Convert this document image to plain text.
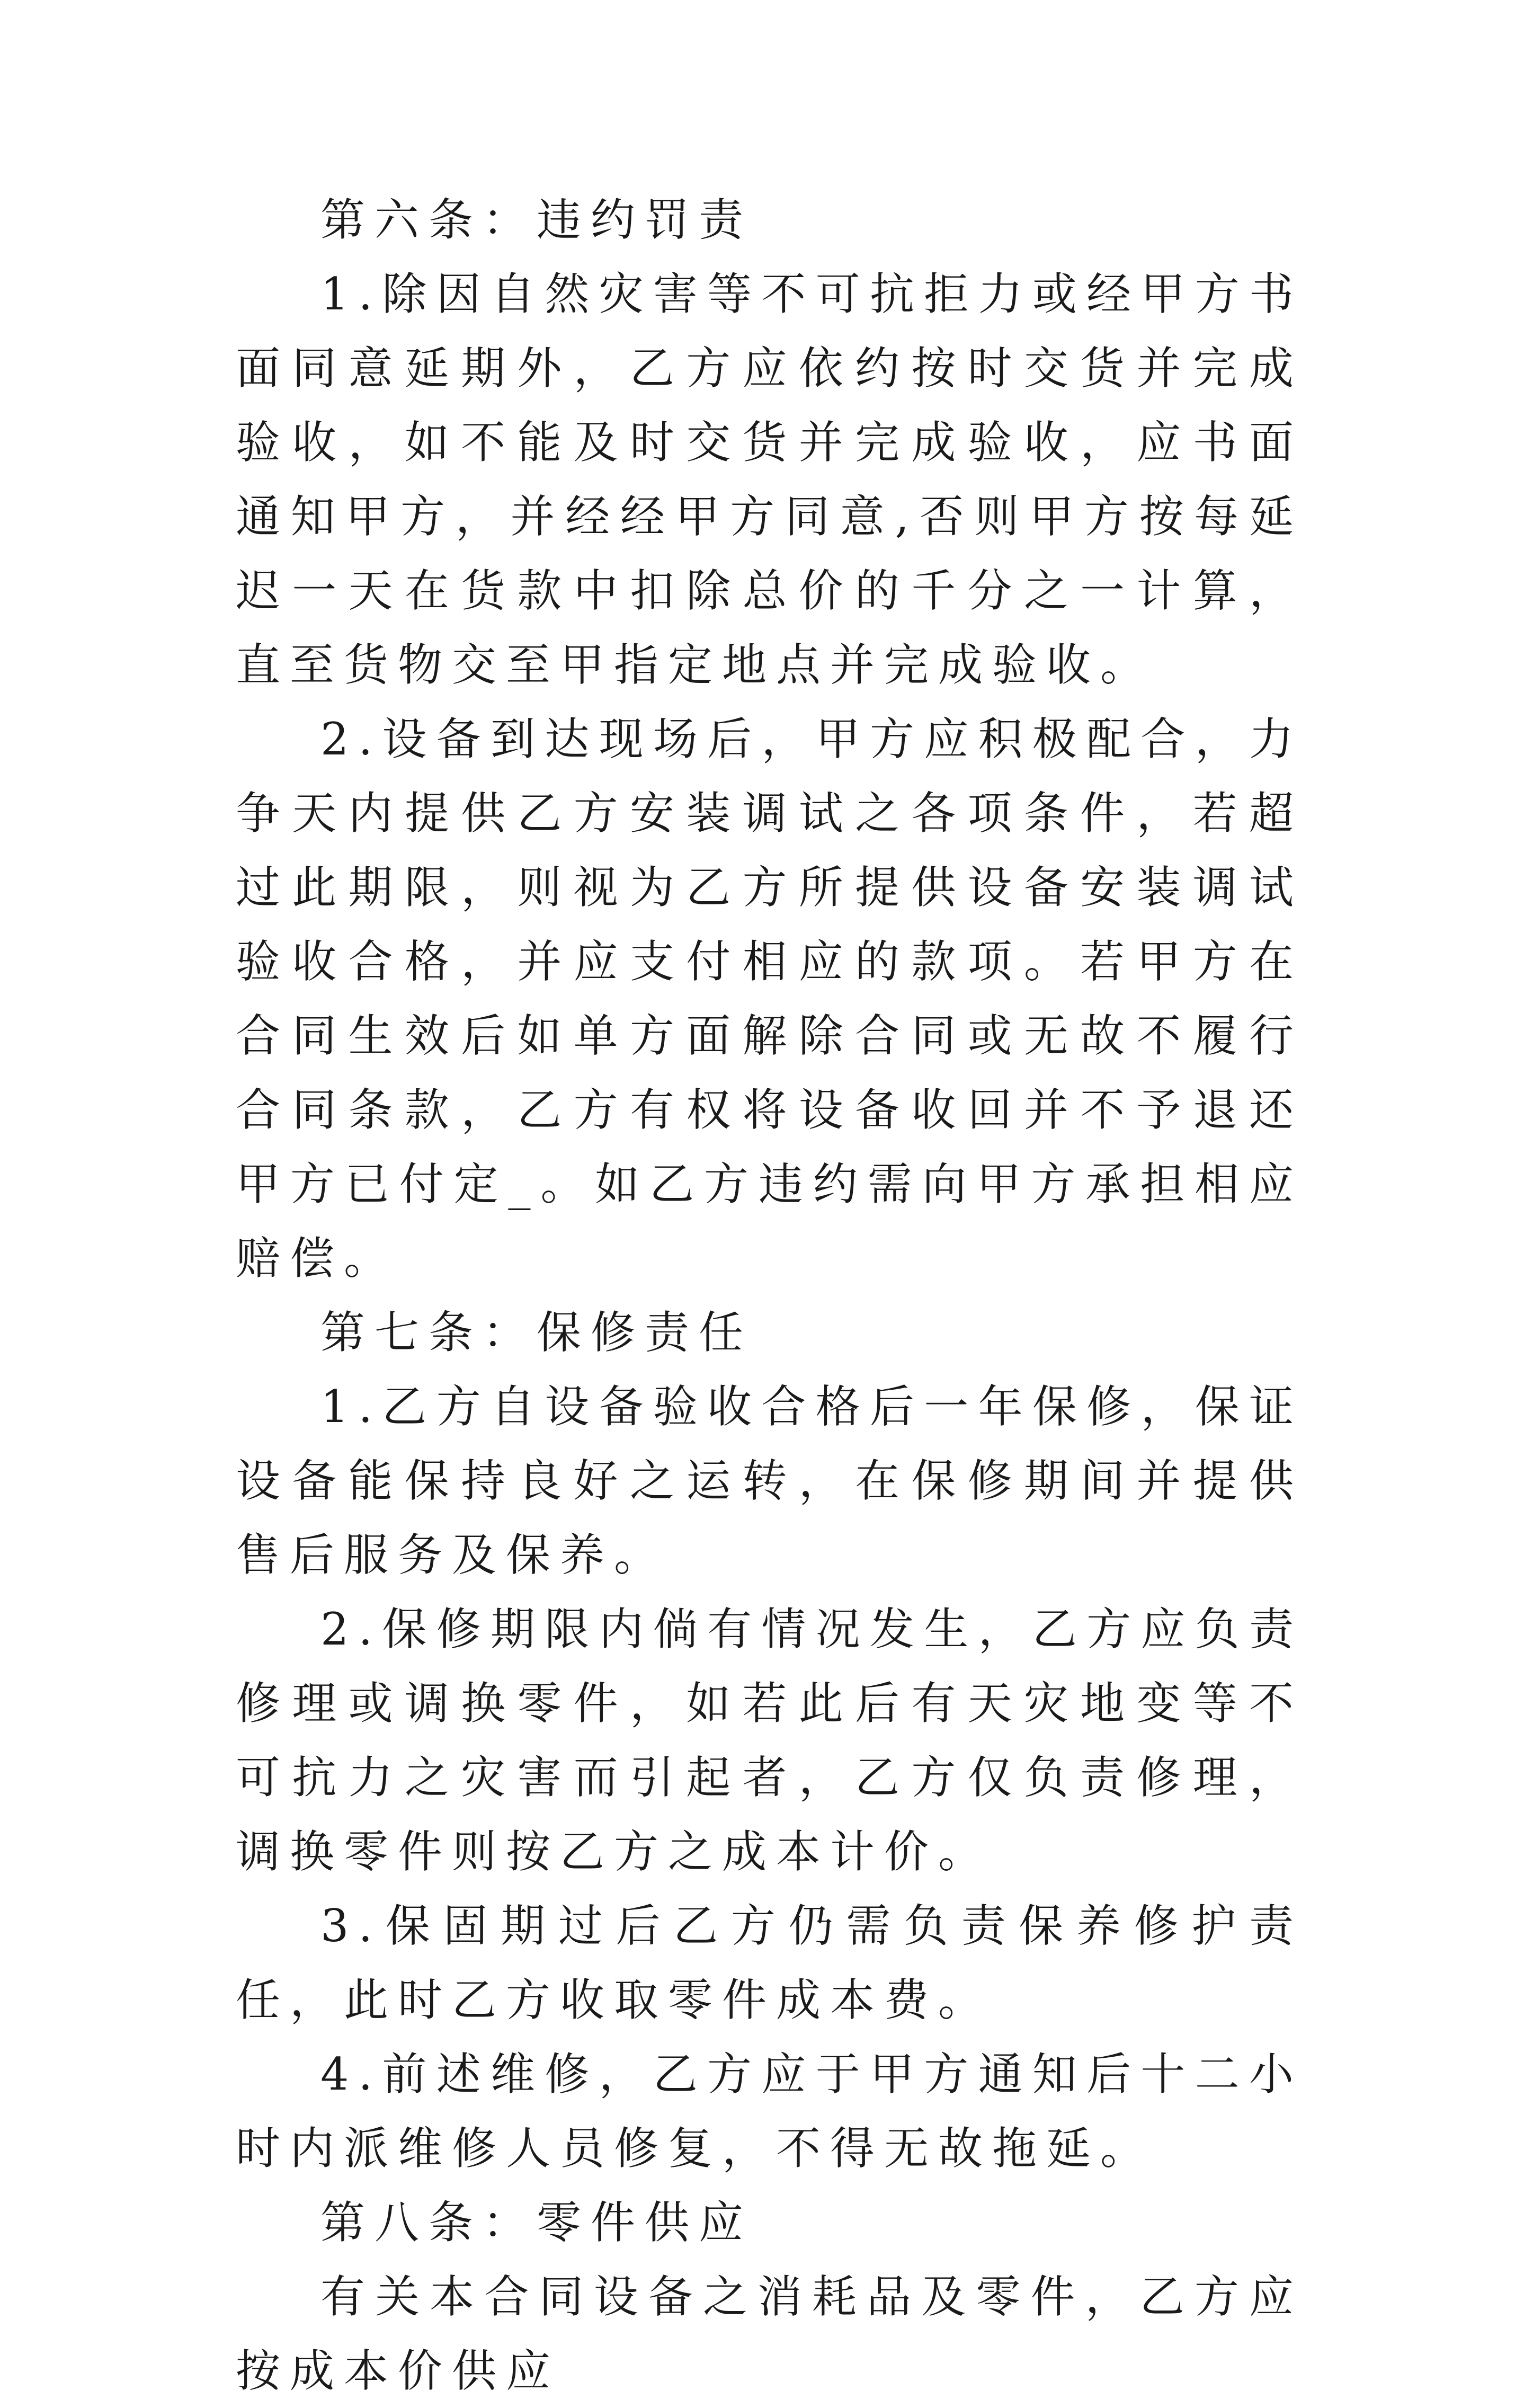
第六条：违约罚责

1.除因自然灾害等不可抗拒力或经甲方书面同意延期外，乙方应依约按时交货并完成验收，如不能及时交货并完成验收，应书面通知甲方，并经经甲方同意,否则甲方按每延迟一天在货款中扣除总价的千分之一计算，直至货物交至甲指定地点并完成验收。

2.设备到达现场后，甲方应积极配合，力争天内提供乙方安装调试之各项条件，若超过此期限，则视为乙方所提供设备安装调试验收合格，并应支付相应的款项。若甲方在合同生效后如单方面解除合同或无故不履行合同条款，乙方有权将设备收回并不予退还甲方已付定_。如乙方违约需向甲方承担相应赔偿。

第七条：保修责任

1.乙方自设备验收合格后一年保修，保证设备能保持良好之运转，在保修期间并提供售后服务及保养。

2.保修期限内倘有情况发生，乙方应负责修理或调换零件，如若此后有天灾地变等不可抗力之灾害而引起者，乙方仅负责修理，调换零件则按乙方之成本计价。

3.保固期过后乙方仍需负责保养修护责任，此时乙方收取零件成本费。

4.前述维修，乙方应于甲方通知后十二小时内派维修人员修复，不得无故拖延。

第八条：零件供应

有关本合同设备之消耗品及零件，乙方应按成本价供应
